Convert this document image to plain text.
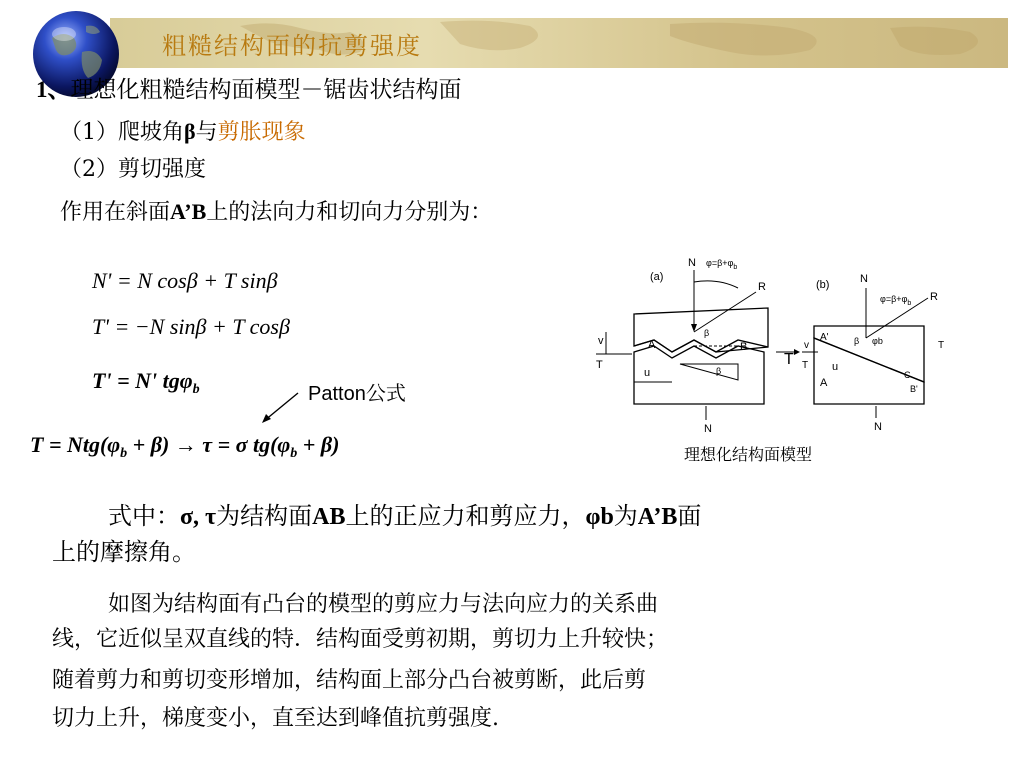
粗糙结构面的抗剪强度
1、理想化粗糙结构面模型－锯齿状结构面
（1）爬坡角β与剪胀现象
（2）剪切强度
作用在斜面A’B上的法向力和切向力分别为：
N' = N cosβ + T sinβ
T' = −N sinβ + T cosβ
T' = N' tgφ$_b$	Patton公式
$T = Ntg(\varphi_b + \beta) \to \tau = \sigma$ $tg(\varphi_b + \beta)$
(a)
N $\varphi=\beta+\varphi_b$
R
A	B
β
β
v
T	T
u
N
(b)	N
$\varphi=\beta+\varphi_b$
R
A'	β φb
u
A
C
B'
v
T
T
N
理想化结构面模型
式中：σ, τ为结构面AB上的正应力和剪应力，φb为A’B面
上的摩擦角。
如图为结构面有凸台的模型的剪应力与法向应力的关系曲
线，它近似呈双直线的特．结构面受剪初期，剪切力上升较快；
随着剪力和剪切变形增加，结构面上部分凸台被剪断，此后剪
切力上升，梯度变小，直至达到峰值抗剪强度.
